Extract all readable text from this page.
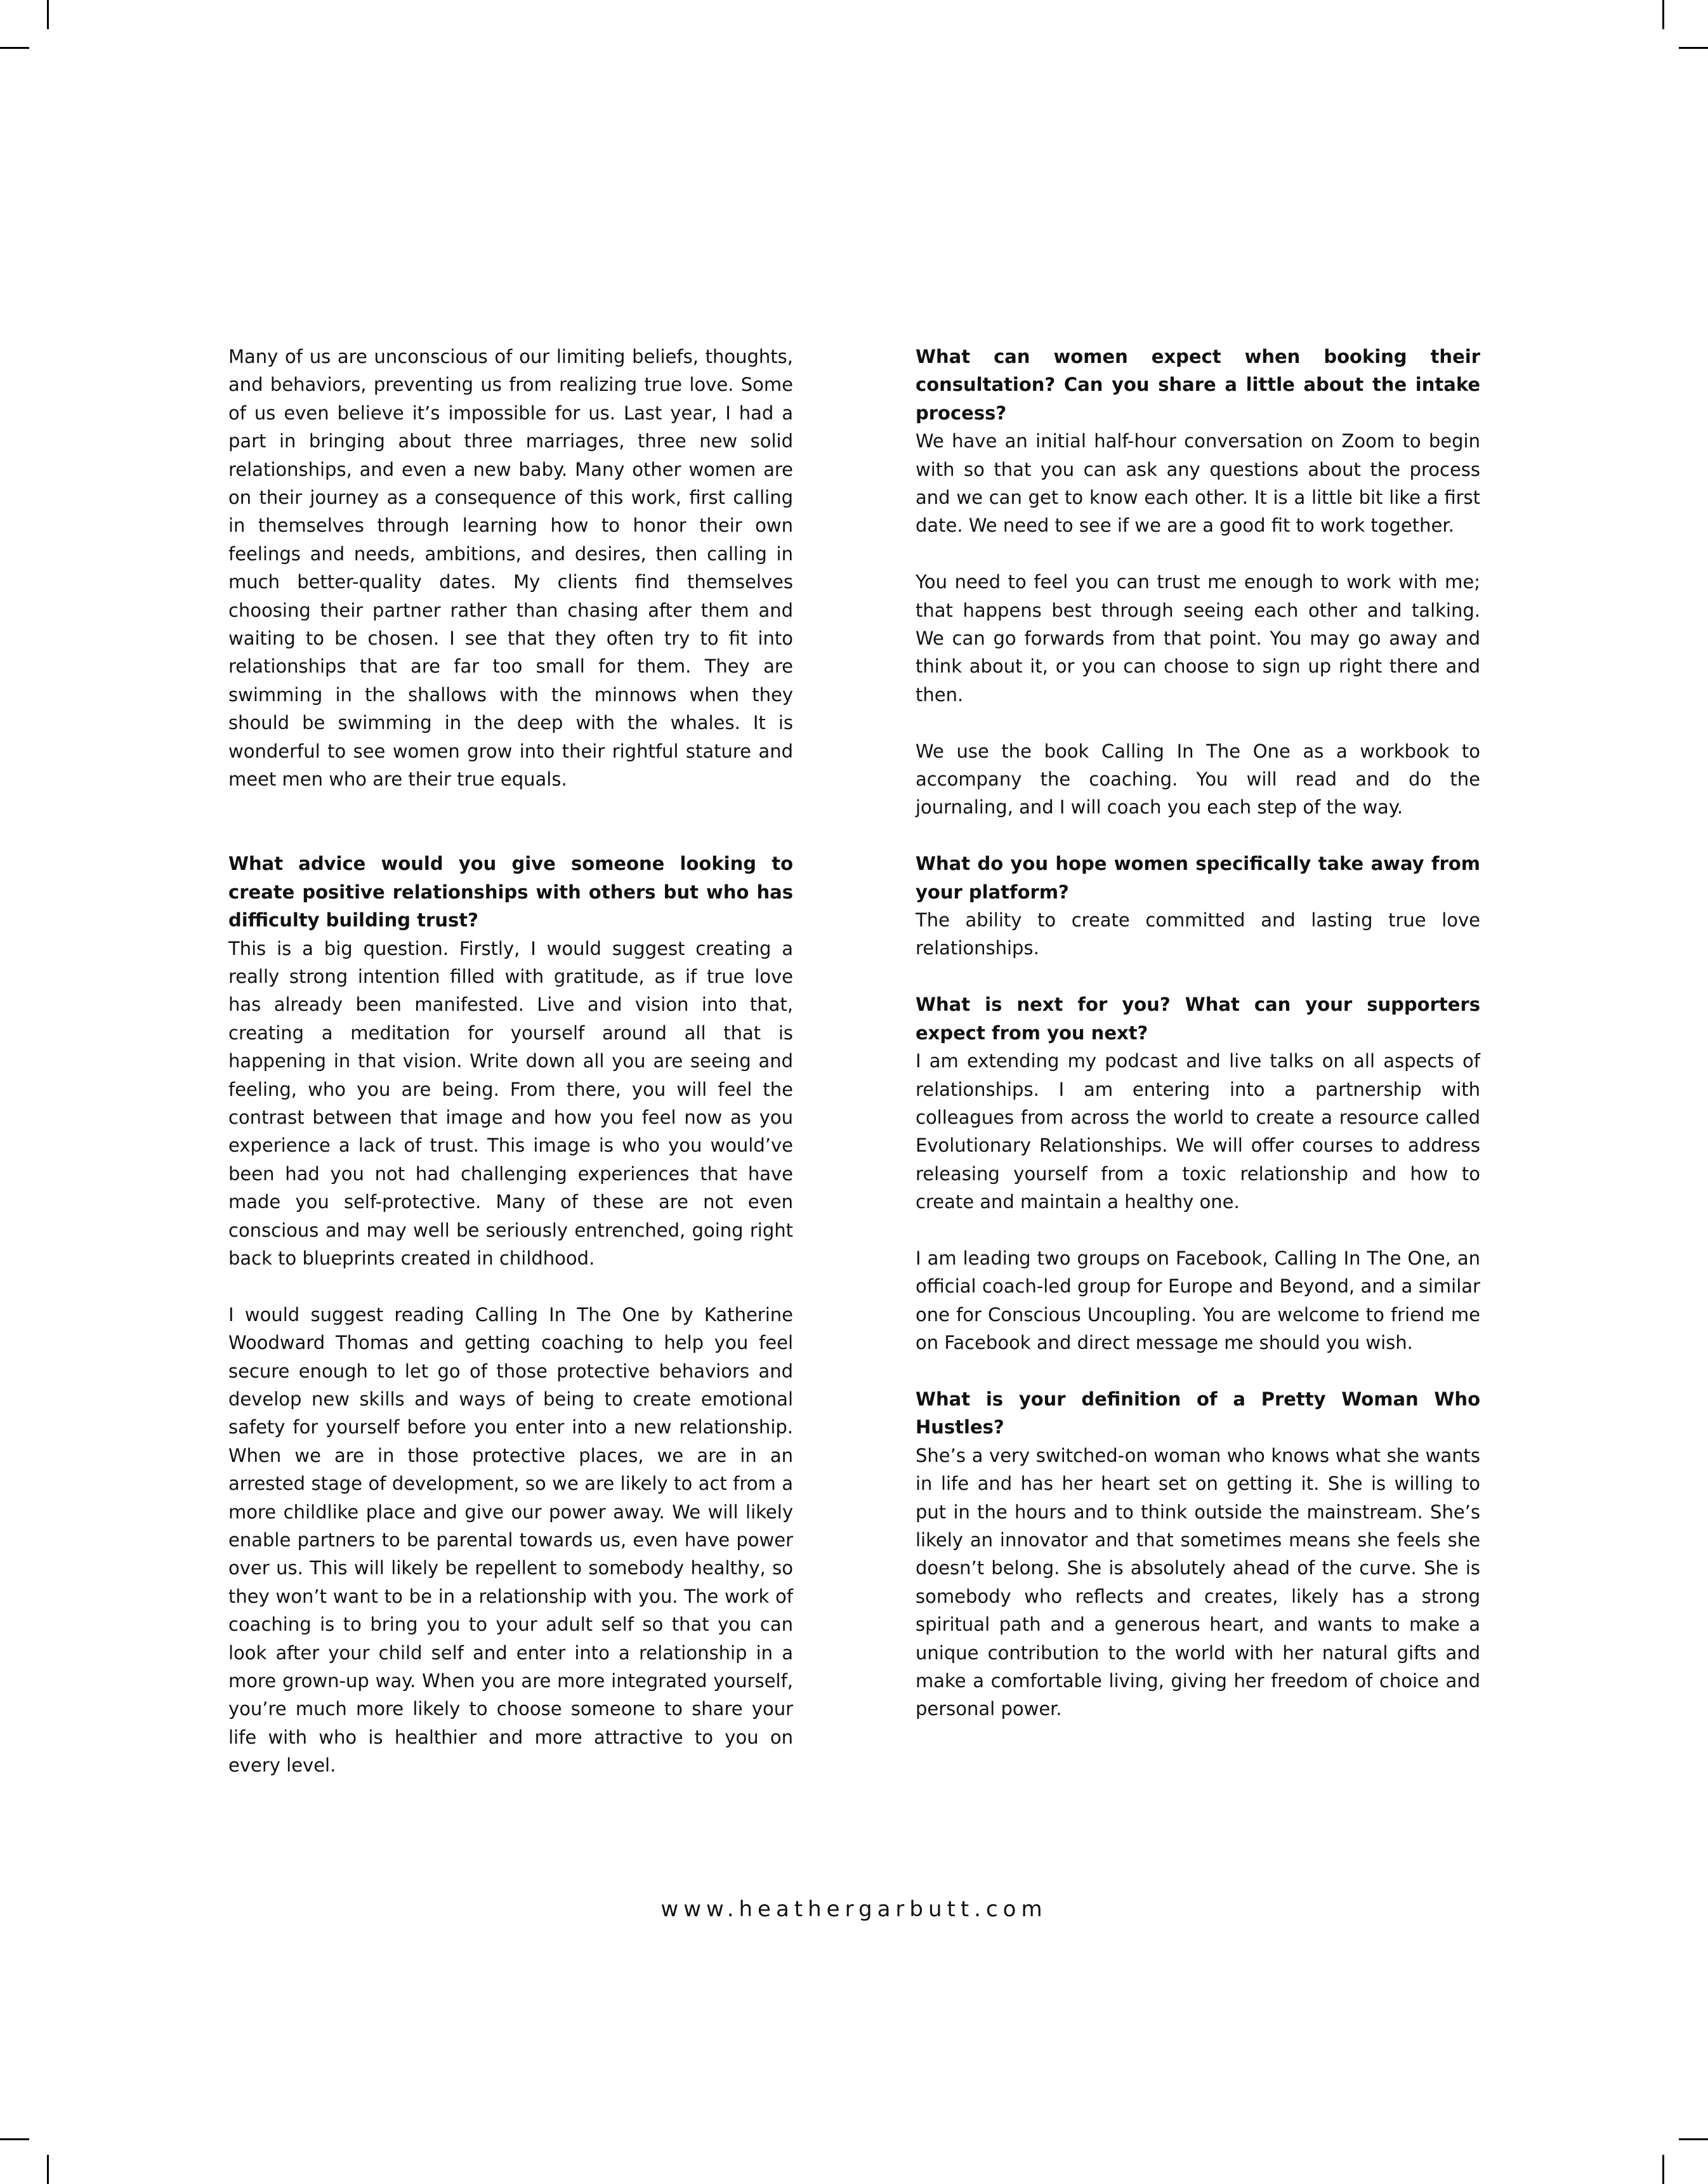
Many of us are unconscious of our limiting beliefs, thoughts, and behaviors, preventing us from realizing true love. Some of us even believe it’s impossible for us. Last year, I had a part in bringing about three marriages, three new solid relationships, and even a new baby. Many other women are on their journey as a consequence of this work, first calling in themselves through learning how to honor their own feelings and needs, ambitions, and desires, then calling in much better-quality dates. My clients find themselves choosing their partner rather than chasing after them and waiting to be chosen. I see that they often try to fit into relationships that are far too small for them. They are swimming in the shallows with the minnows when they should be swimming in the deep with the whales. It is wonderful to see women grow into their rightful stature and meet men who are their true equals.

What advice would you give someone looking to create positive relationships with others but who has difficulty building trust?

This is a big question. Firstly, I would suggest creating a really strong intention filled with gratitude, as if true love has already been manifested. Live and vision into that, creating a meditation for yourself around all that is happening in that vision. Write down all you are seeing and feeling, who you are being. From there, you will feel the contrast between that image and how you feel now as you experience a lack of trust. This image is who you would’ve been had you not had challenging experiences that have made you self-protective. Many of these are not even conscious and may well be seriously entrenched, going right back to blueprints created in childhood.

I would suggest reading Calling In The One by Katherine Woodward Thomas and getting coaching to help you feel secure enough to let go of those protective behaviors and develop new skills and ways of being to create emotional safety for yourself before you enter into a new relationship. When we are in those protective places, we are in an arrested stage of development, so we are likely to act from a more childlike place and give our power away. We will likely enable partners to be parental towards us, even have power over us. This will likely be repellent to somebody healthy, so they won’t want to be in a relationship with you. The work of coaching is to bring you to your adult self so that you can look after your child self and enter into a relationship in a more grown-up way. When you are more integrated yourself, you’re much more likely to choose someone to share your life with who is healthier and more attractive to you on every level.

What can women expect when booking their consultation? Can you share a little about the intake process?

We have an initial half-hour conversation on Zoom to begin with so that you can ask any questions about the process and we can get to know each other. It is a little bit like a first date. We need to see if we are a good fit to work together.

You need to feel you can trust me enough to work with me; that happens best through seeing each other and talking. We can go forwards from that point. You may go away and think about it, or you can choose to sign up right there and then.

We use the book Calling In The One as a workbook to accompany the coaching. You will read and do the journaling, and I will coach you each step of the way.

What do you hope women specifically take away from your platform?

The ability to create committed and lasting true love relationships.

What is next for you? What can your supporters expect from you next?

I am extending my podcast and live talks on all aspects of relationships. I am entering into a partnership with colleagues from across the world to create a resource called Evolutionary Relationships. We will offer courses to address releasing yourself from a toxic relationship and how to create and maintain a healthy one.

I am leading two groups on Facebook, Calling In The One, an official coach-led group for Europe and Beyond, and a similar one for Conscious Uncoupling. You are welcome to friend me on Facebook and direct message me should you wish.

What is your definition of a Pretty Woman Who Hustles?

She’s a very switched-on woman who knows what she wants in life and has her heart set on getting it. She is willing to put in the hours and to think outside the mainstream. She’s likely an innovator and that sometimes means she feels she doesn’t belong. She is absolutely ahead of the curve. She is somebody who reflects and creates, likely has a strong spiritual path and a generous heart, and wants to make a unique contribution to the world with her natural gifts and make a comfortable living, giving her freedom of choice and personal power.

www.heathergarbutt.com
